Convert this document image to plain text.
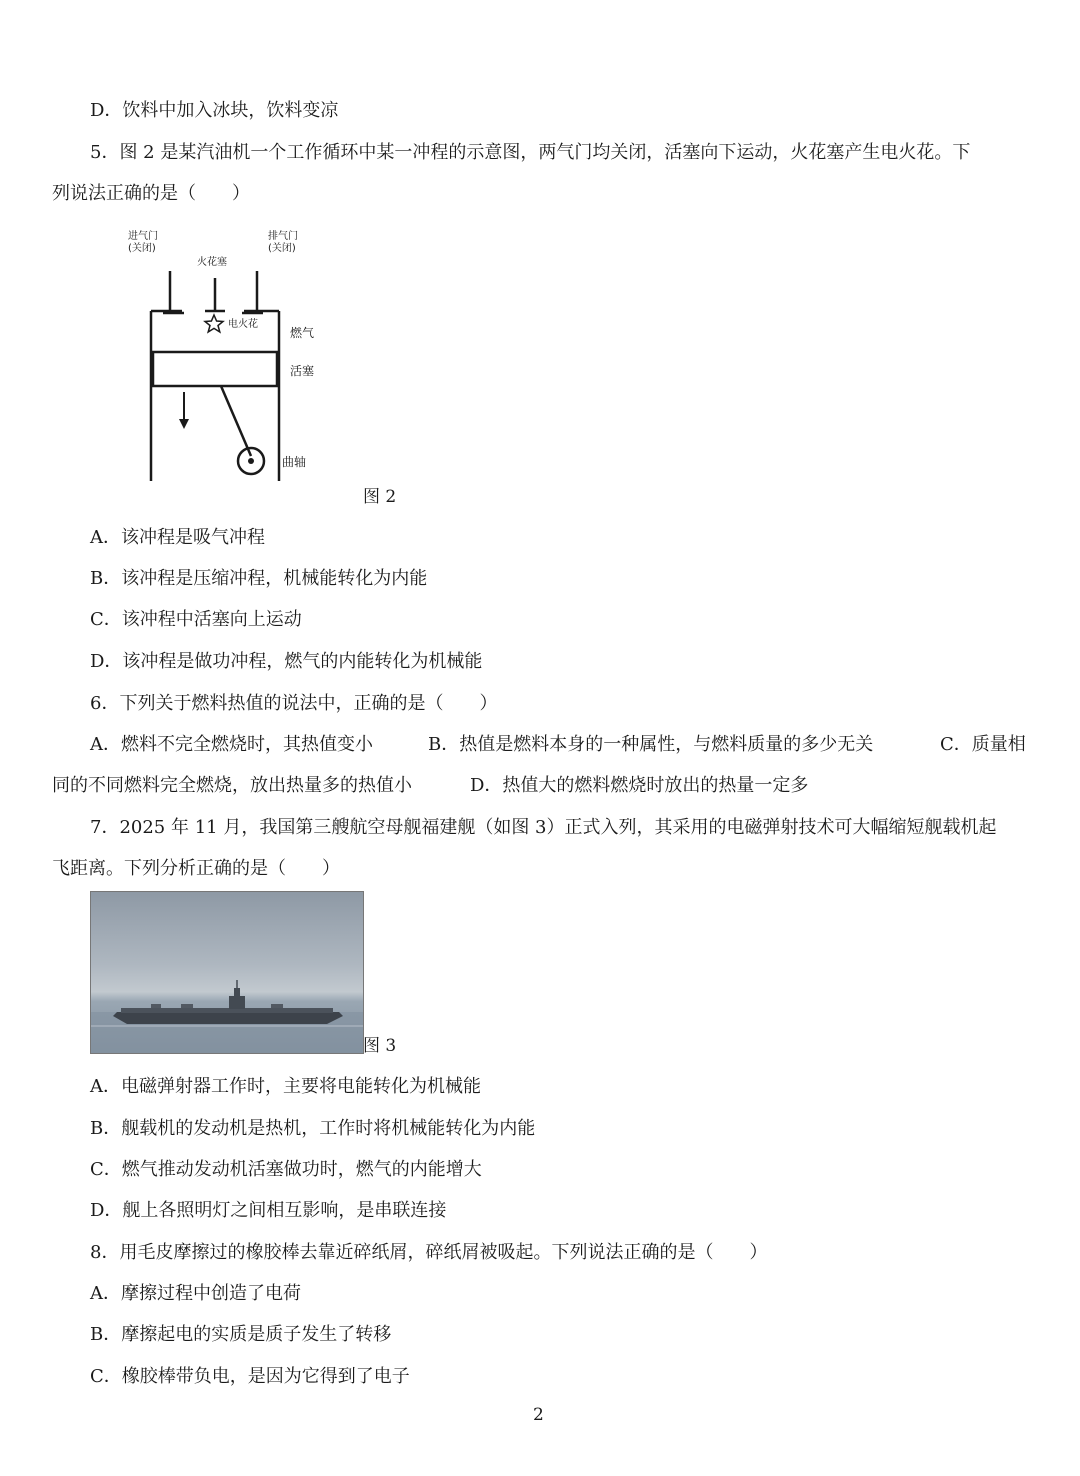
D．饮料中加入冰块，饮料变凉
5．图 2 是某汽油机一个工作循环中某一冲程的示意图，两气门均关闭，活塞向下运动，火花塞产生电火花。下
列说法正确的是（　　）
进气门
(关闭)
排气门
(关闭)
火花塞
电火花
燃气
活塞
曲轴
图 2
A．该冲程是吸气冲程
B．该冲程是压缩冲程，机械能转化为内能
C．该冲程中活塞向上运动
D．该冲程是做功冲程，燃气的内能转化为机械能
6．下列关于燃料热值的说法中，正确的是（　　）
A．燃料不完全燃烧时，其热值变小	B．热值是燃料本身的一种属性，与燃料质量的多少无关	C．质量相
同的不同燃料完全燃烧，放出热量多的热值小	D．热值大的燃料燃烧时放出的热量一定多
7．2025 年 11 月，我国第三艘航空母舰福建舰（如图 3）正式入列，其采用的电磁弹射技术可大幅缩短舰载机起
飞距离。下列分析正确的是（　　）
图 3
A．电磁弹射器工作时，主要将电能转化为机械能
B．舰载机的发动机是热机，工作时将机械能转化为内能
C．燃气推动发动机活塞做功时，燃气的内能增大
D．舰上各照明灯之间相互影响，是串联连接
8．用毛皮摩擦过的橡胶棒去靠近碎纸屑，碎纸屑被吸起。下列说法正确的是（　　）
A．摩擦过程中创造了电荷
B．摩擦起电的实质是质子发生了转移
C．橡胶棒带负电，是因为它得到了电子
2
